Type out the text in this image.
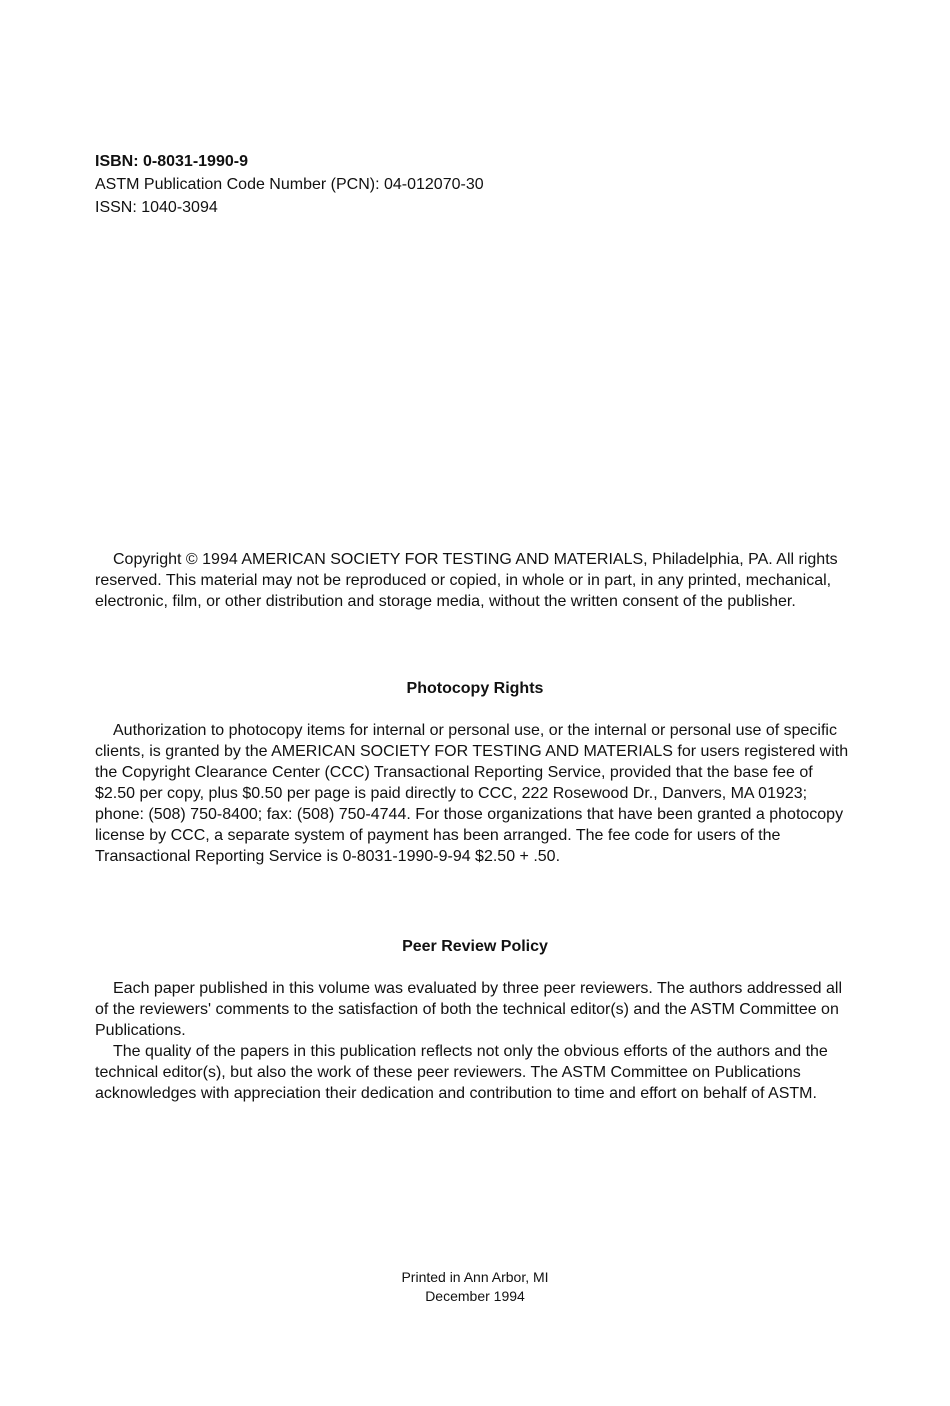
ISBN: 0-8031-1990-9
ASTM Publication Code Number (PCN): 04-012070-30
ISSN: 1040-3094

Copyright © 1994 AMERICAN SOCIETY FOR TESTING AND MATERIALS, Philadelphia, PA. All rights reserved. This material may not be reproduced or copied, in whole or in part, in any printed, mechanical, electronic, film, or other distribution and storage media, without the written consent of the publisher.

Photocopy Rights

Authorization to photocopy items for internal or personal use, or the internal or personal use of specific clients, is granted by the AMERICAN SOCIETY FOR TESTING AND MATERIALS for users registered with the Copyright Clearance Center (CCC) Transactional Reporting Service, provided that the base fee of $2.50 per copy, plus $0.50 per page is paid directly to CCC, 222 Rosewood Dr., Danvers, MA 01923; phone: (508) 750-8400; fax: (508) 750-4744. For those organizations that have been granted a photocopy license by CCC, a separate system of payment has been arranged. The fee code for users of the Transactional Reporting Service is 0-8031-1990-9-94 $2.50 + .50.

Peer Review Policy

Each paper published in this volume was evaluated by three peer reviewers. The authors addressed all of the reviewers' comments to the satisfaction of both the technical editor(s) and the ASTM Committee on Publications.

The quality of the papers in this publication reflects not only the obvious efforts of the authors and the technical editor(s), but also the work of these peer reviewers. The ASTM Committee on Publications acknowledges with appreciation their dedication and contribution to time and effort on behalf of ASTM.

Printed in Ann Arbor, MI
December 1994
